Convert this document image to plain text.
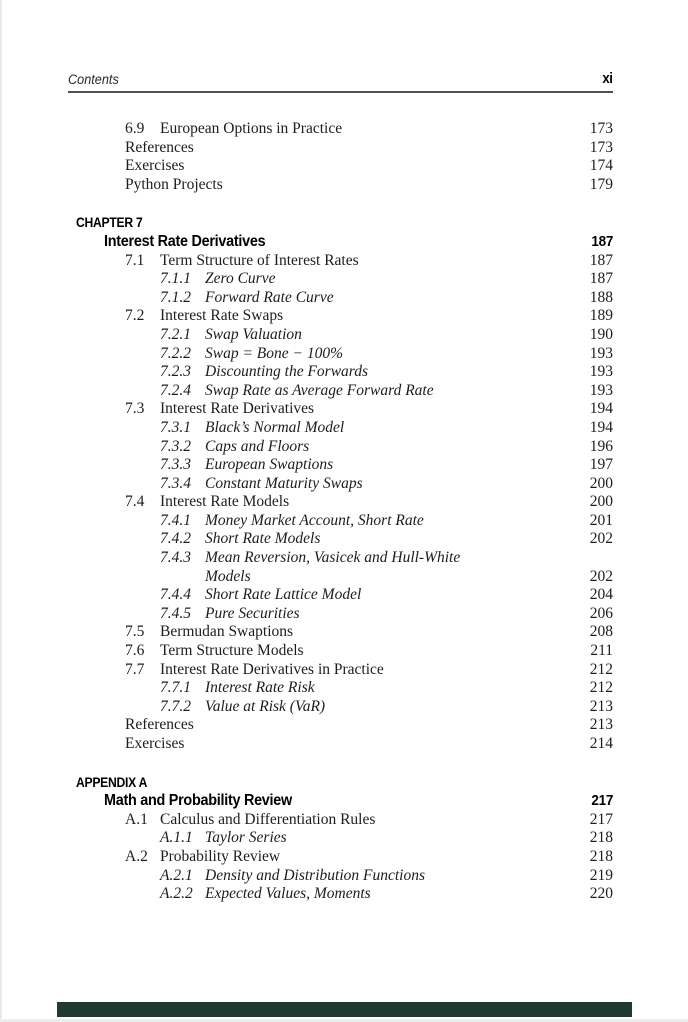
Contents	xi
6.9	European Options in Practice	173
References	173
Exercises	174
Python Projects	179
CHAPTER 7
Interest Rate Derivatives	187
7.1	Term Structure of Interest Rates	187
7.1.1 Zero Curve	187
7.1.2 Forward Rate Curve	188
7.2	Interest Rate Swaps	189
7.2.1 Swap Valuation	190
7.2.2 Swap = Bone − 100%	193
7.2.3 Discounting the Forwards	193
7.2.4 Swap Rate as Average Forward Rate	193
7.3	Interest Rate Derivatives	194
7.3.1 Black’s Normal Model	194
7.3.2 Caps and Floors	196
7.3.3 European Swaptions	197
7.3.4 Constant Maturity Swaps	200
7.4	Interest Rate Models	200
7.4.1 Money Market Account, Short Rate	201
7.4.2 Short Rate Models	202
7.4.3 Mean Reversion, Vasicek and Hull-White
Models	202
7.4.4 Short Rate Lattice Model	204
7.4.5 Pure Securities	206
7.5	Bermudan Swaptions	208
7.6	Term Structure Models	211
7.7	Interest Rate Derivatives in Practice	212
7.7.1 Interest Rate Risk	212
7.7.2 Value at Risk (VaR)	213
References	213
Exercises	214
APPENDIX A
Math and Probability Review	217
A.1 Calculus and Differentiation Rules	217
A.1.1 Taylor Series	218
A.2 Probability Review	218
A.2.1 Density and Distribution Functions	219
A.2.2 Expected Values, Moments	220
